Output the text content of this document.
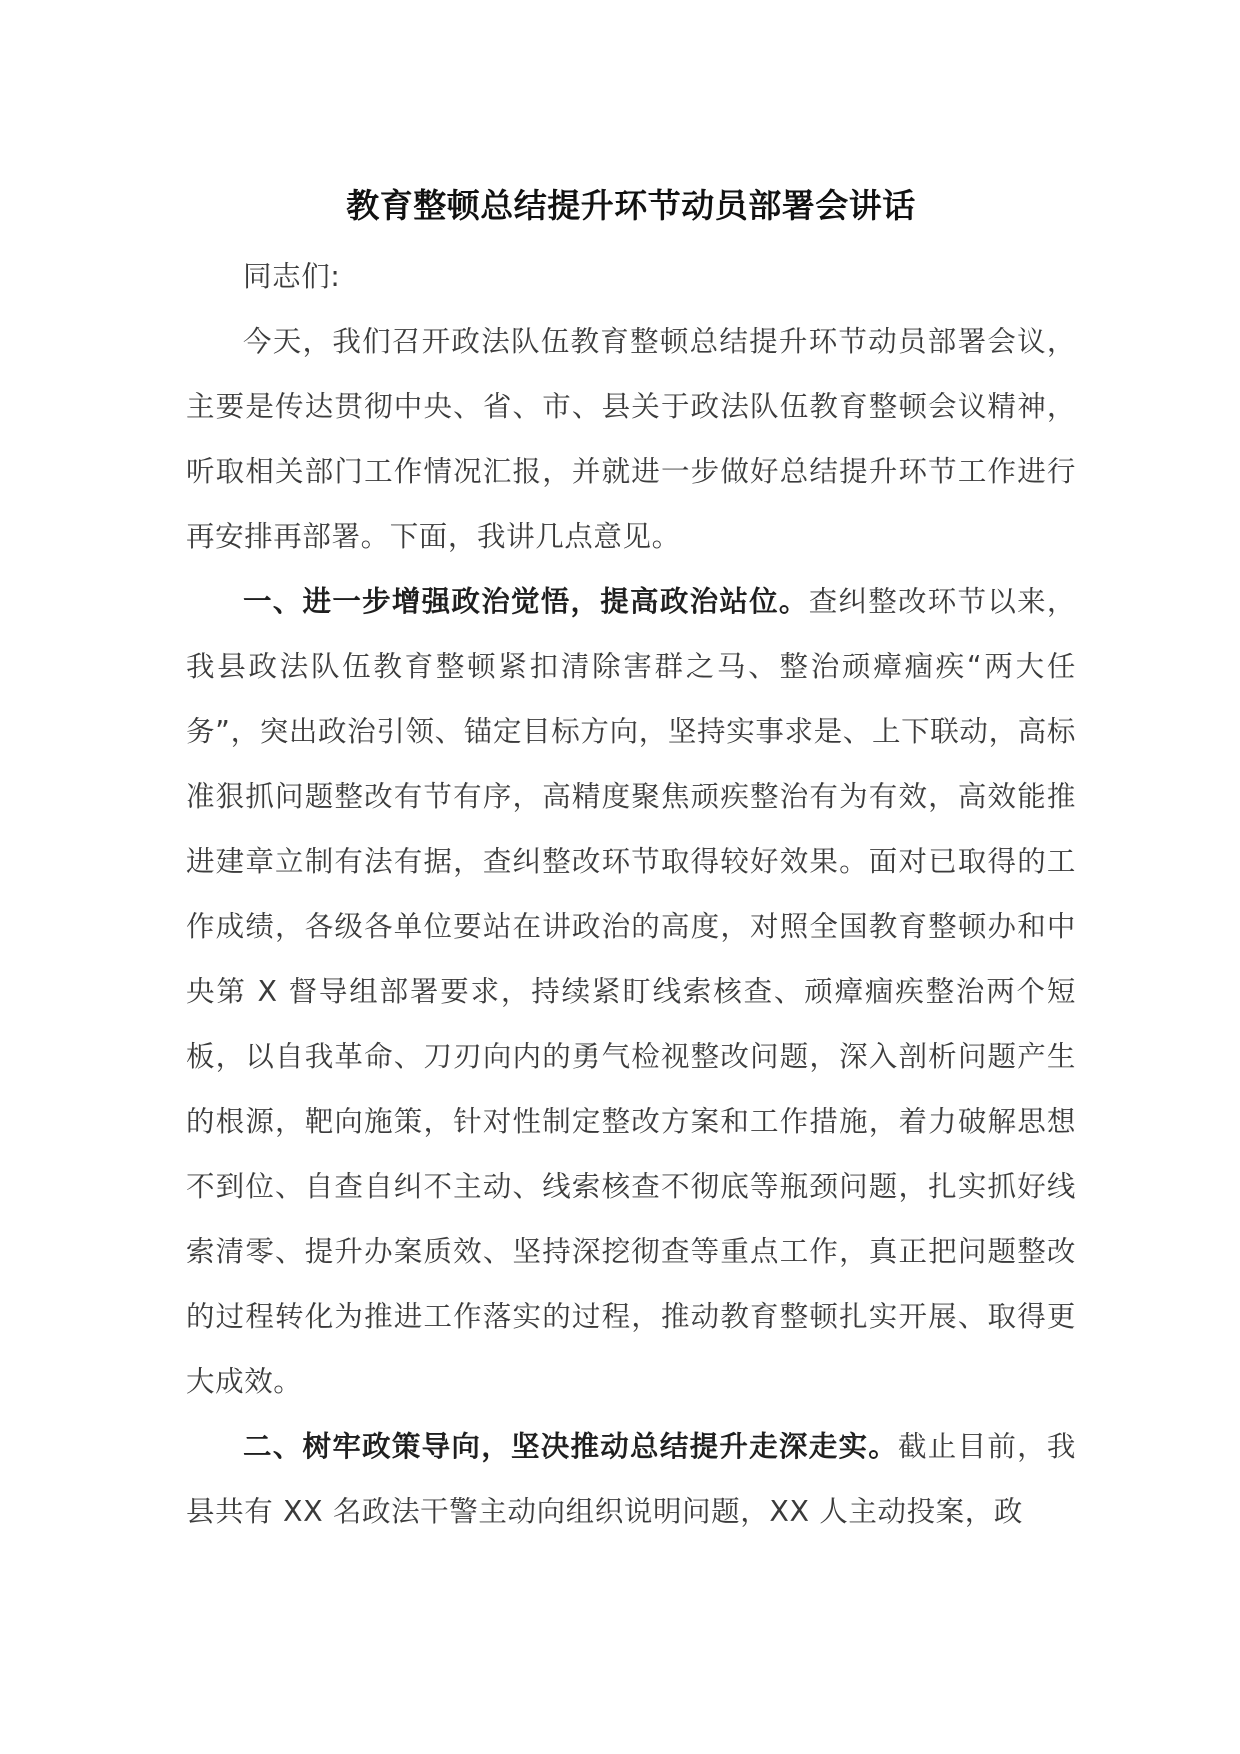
教育整顿总结提升环节动员部署会讲话

同志们:

今天，我们召开政法队伍教育整顿总结提升环节动员部署会议，主要是传达贯彻中央、省、市、县关于政法队伍教育整顿会议精神，听取相关部门工作情况汇报，并就进一步做好总结提升环节工作进行再安排再部署。下面，我讲几点意见。

一、进一步增强政治觉悟，提高政治站位。查纠整改环节以来，我县政法队伍教育整顿紧扣清除害群之马、整治顽瘴痼疾“两大任务”，突出政治引领、锚定目标方向，坚持实事求是、上下联动，高标准狠抓问题整改有节有序，高精度聚焦顽疾整治有为有效，高效能推进建章立制有法有据，查纠整改环节取得较好效果。面对已取得的工作成绩，各级各单位要站在讲政治的高度，对照全国教育整顿办和中央第 X 督导组部署要求，持续紧盯线索核查、顽瘴痼疾整治两个短板，以自我革命、刀刃向内的勇气检视整改问题，深入剖析问题产生的根源，靶向施策，针对性制定整改方案和工作措施，着力破解思想不到位、自查自纠不主动、线索核查不彻底等瓶颈问题，扎实抓好线索清零、提升办案质效、坚持深挖彻查等重点工作，真正把问题整改的过程转化为推进工作落实的过程，推动教育整顿扎实开展、取得更大成效。

二、树牢政策导向，坚决推动总结提升走深走实。截止目前，我县共有 XX 名政法干警主动向组织说明问题，XX 人主动投案，政
